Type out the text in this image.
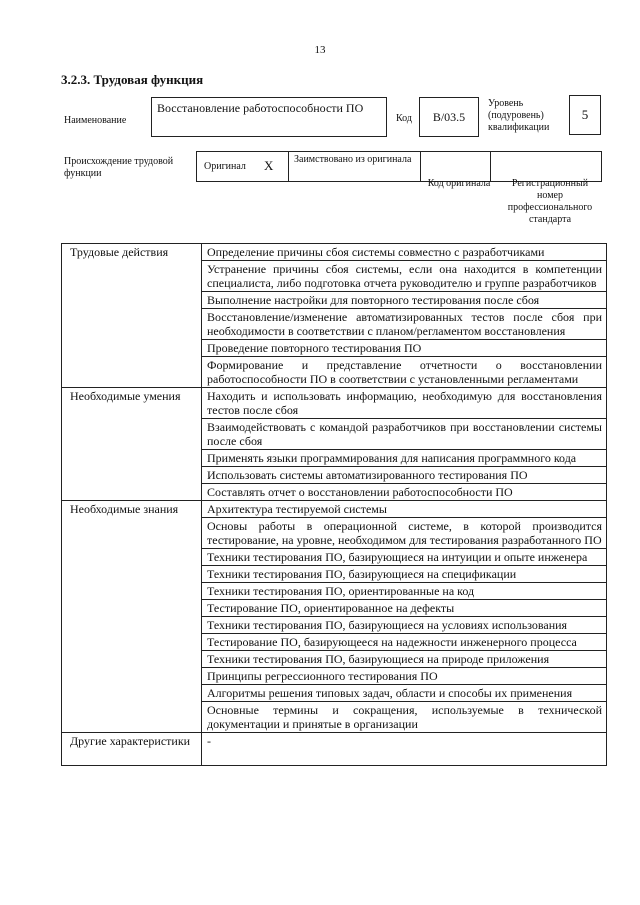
13
3.2.3. Трудовая функция
Наименование
Восстановление работоспособности ПО
Код	B/03.5
Уровень (подуровень) квалификации
5
Происхождение трудовой функции
Оригинал X Заимствовано из оригинала
Код оригинала	Регистрационный номер профессионального стандарта
Трудовые действия	Определение причины сбоя системы совместно с разработчиками
	Устранение причины сбоя системы, если она находится в компетенции специалиста, либо подготовка отчета руководителю и группе разработчиков
	Выполнение настройки для повторного тестирования после сбоя
	Восстановление/изменение автоматизированных тестов после сбоя при необходимости в соответствии с планом/регламентом восстановления
	Проведение повторного тестирования ПО
	Формирование и представление отчетности о восстановлении работоспособности ПО в соответствии с установленными регламентами
Необходимые умения	Находить и использовать информацию, необходимую для восстановления тестов после сбоя
	Взаимодействовать с командой разработчиков при восстановлении системы после сбоя
	Применять языки программирования для написания программного кода
	Использовать системы автоматизированного тестирования ПО
	Составлять отчет о восстановлении работоспособности ПО
Необходимые знания	Архитектура тестируемой системы
	Основы работы в операционной системе, в которой производится тестирование, на уровне, необходимом для тестирования разработанного ПО
	Техники тестирования ПО, базирующиеся на интуиции и опыте инженера
	Техники тестирования ПО, базирующиеся на спецификации
	Техники тестирования ПО, ориентированные на код
	Тестирование ПО, ориентированное на дефекты
	Техники тестирования ПО, базирующиеся на условиях использования
	Тестирование ПО, базирующееся на надежности инженерного процесса
	Техники тестирования ПО, базирующиеся на природе приложения
	Принципы регрессионного тестирования ПО
	Алгоритмы решения типовых задач, области и способы их применения
	Основные термины и сокращения, используемые в технической документации и принятые в организации
Другие характеристики	-
